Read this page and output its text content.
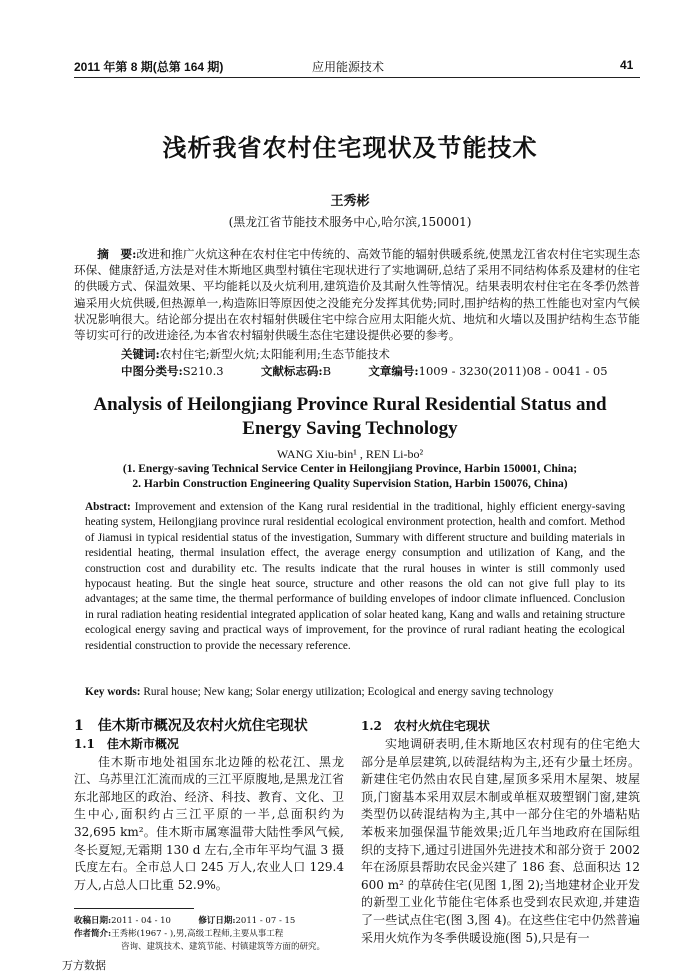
2011 年第 8 期(总第 164 期)	应用能源技术	41
浅析我省农村住宅现状及节能技术
王秀彬
(黑龙江省节能技术服务中心,哈尔滨,150001)

摘　要:改进和推广火炕这种在农村住宅中传统的、高效节能的辐射供暖系统,使黑龙江省农村住宅实现生态环保、健康舒适,方法是对佳木斯地区典型村镇住宅现状进行了实地调研,总结了采用不同结构体系及建材的住宅的供暖方式、保温效果、平均能耗以及火炕利用,建筑造价及其耐久性等情况。结果表明农村住宅在冬季仍然普遍采用火炕供暖,但热源单一,构造陈旧等原因使之没能充分发挥其优势;同时,围护结构的热工性能也对室内气候状况影响很大。结论部分提出在农村辐射供暖住宅中综合应用太阳能火炕、地炕和火墙以及围护结构生态节能等切实可行的改进途径,为本省农村辐射供暖生态住宅建设提供必要的参考。

关键词:农村住宅;新型火炕;太阳能利用;生态节能技术
中图分类号:S210.3	文献标志码:B	文章编号:1009 - 3230(2011)08 - 0041 - 05
Analysis of Heilongjiang Province Rural Residential Status and Energy Saving Technology
WANG Xiu-bin¹ , REN Li-bo²
(1. Energy-saving Technical Service Center in Heilongjiang Province, Harbin 150001, China;
2. Harbin Construction Engineering Quality Supervision Station, Harbin 150076, China)
Abstract: Improvement and extension of the Kang rural residential in the traditional, highly efficient energy-saving heating system, Heilongjiang province rural residential ecological environment protection, health and comfort. Method of Jiamusi in typical residential status of the investigation, Summary with different structure and building materials in residential heating, thermal insulation effect, the average energy consumption and utilization of Kang, and the construction cost and durability etc. The results indicate that the rural houses in winter is still commonly used hypocaust heating. But the single heat source, structure and other reasons the old can not give full play to its advantages; at the same time, the thermal performance of building envelopes of indoor climate influenced. Conclusion in rural radiation heating residential integrated application of solar heated kang, Kang and walls and retaining structure ecological energy saving and practical ways of improvement, for the province of rural radiant heating the ecological residential construction to provide the necessary reference.
Key words: Rural house; New kang; Solar energy utilization; Ecological and energy saving technology
1　佳木斯市概况及农村火炕住宅现状
1.1　佳木斯市概况

佳木斯市地处祖国东北边陲的松花江、黑龙江、乌苏里江汇流而成的三江平原腹地,是黑龙江省东北部地区的政治、经济、科技、教育、文化、卫生中心,面积约占三江平原的一半,总面积约为 32,695 km²。佳木斯市属寒温带大陆性季风气候,冬长夏短,无霜期 130 d 左右,全市年平均气温 3 摄氏度左右。全市总人口 245 万人,农业人口 129.4 万人,占总人口比重 52.9%。

收稿日期:2011 - 04 - 10	修订日期:2011 - 07 - 15
作者简介:王秀彬(1967 - ),男,高级工程师,主要从事工程
咨询、建筑技术、建筑节能、村镇建筑等方面的研究。
1.2　农村火炕住宅现状

实地调研表明,佳木斯地区农村现有的住宅绝大部分是单层建筑,以砖混结构为主,还有少量土坯房。新建住宅仍然由农民自建,屋顶多采用木屋架、坡屋顶,门窗基本采用双层木制或单框双玻塑钢门窗,建筑类型仍以砖混结构为主,其中一部分住宅的外墙粘贴苯板来加强保温节能效果;近几年当地政府在国际组织的支持下,通过引进国外先进技术和部分资于 2002 年在汤原县帮助农民金兴建了 186 套、总面积达 12 600 m² 的草砖住宅(见图 1,图 2);当地建材企业开发的新型工业化节能住宅体系也受到农民欢迎,并建造了一些试点住宅(图 3,图 4)。在这些住宅中仍然普遍采用火炕作为冬季供暖设施(图 5),只是有一

万方数据
